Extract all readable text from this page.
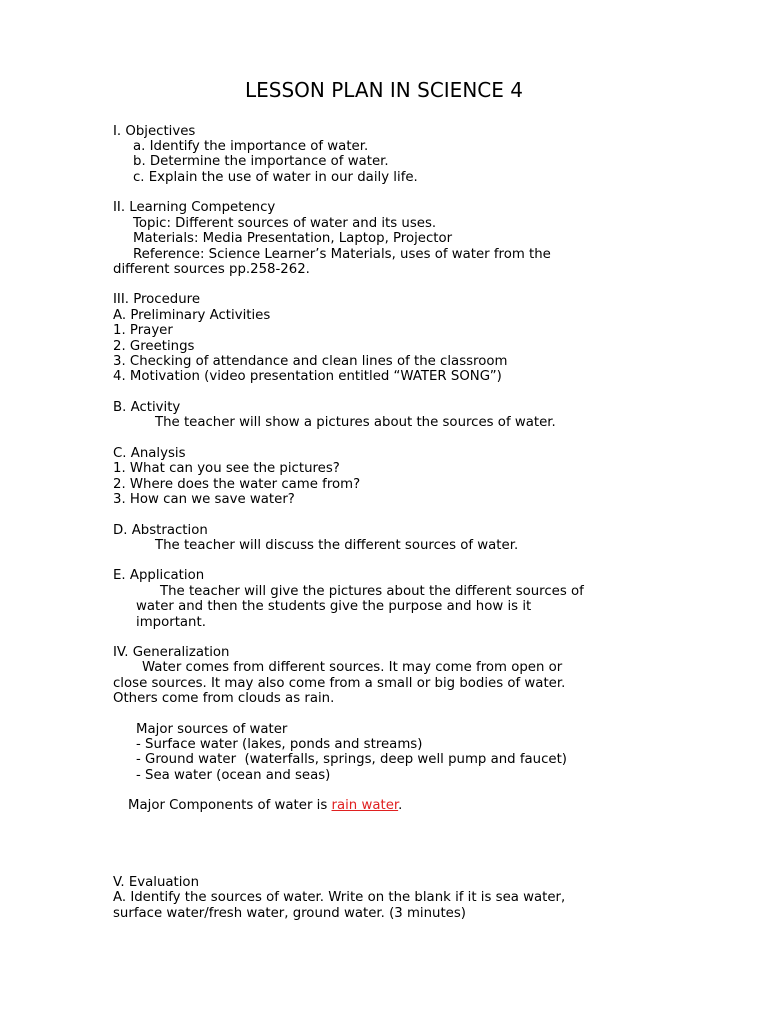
LESSON PLAN IN SCIENCE 4
I. Objectives
a. Identify the importance of water.
b. Determine the importance of water.
c. Explain the use of water in our daily life.
II. Learning Competency
Topic: Different sources of water and its uses.
Materials: Media Presentation, Laptop, Projector
Reference: Science Learner’s Materials, uses of water from the
different sources pp.258-262.
III. Procedure
A. Preliminary Activities
1. Prayer
2. Greetings
3. Checking of attendance and clean lines of the classroom
4. Motivation (video presentation entitled “WATER SONG”)
B. Activity
The teacher will show a pictures about the sources of water.
C. Analysis
1. What can you see the pictures?
2. Where does the water came from?
3. How can we save water?
D. Abstraction
The teacher will discuss the different sources of water.
E. Application
The teacher will give the pictures about the different sources of
water and then the students give the purpose and how is it
important.
IV. Generalization
Water comes from different sources. It may come from open or
close sources. It may also come from a small or big bodies of water.
Others come from clouds as rain.
Major sources of water
- Surface water (lakes, ponds and streams)
- Ground water  (waterfalls, springs, deep well pump and faucet)
- Sea water (ocean and seas)
Major Components of water is rain water.
V. Evaluation
A. Identify the sources of water. Write on the blank if it is sea water,
surface water/fresh water, ground water. (3 minutes)
